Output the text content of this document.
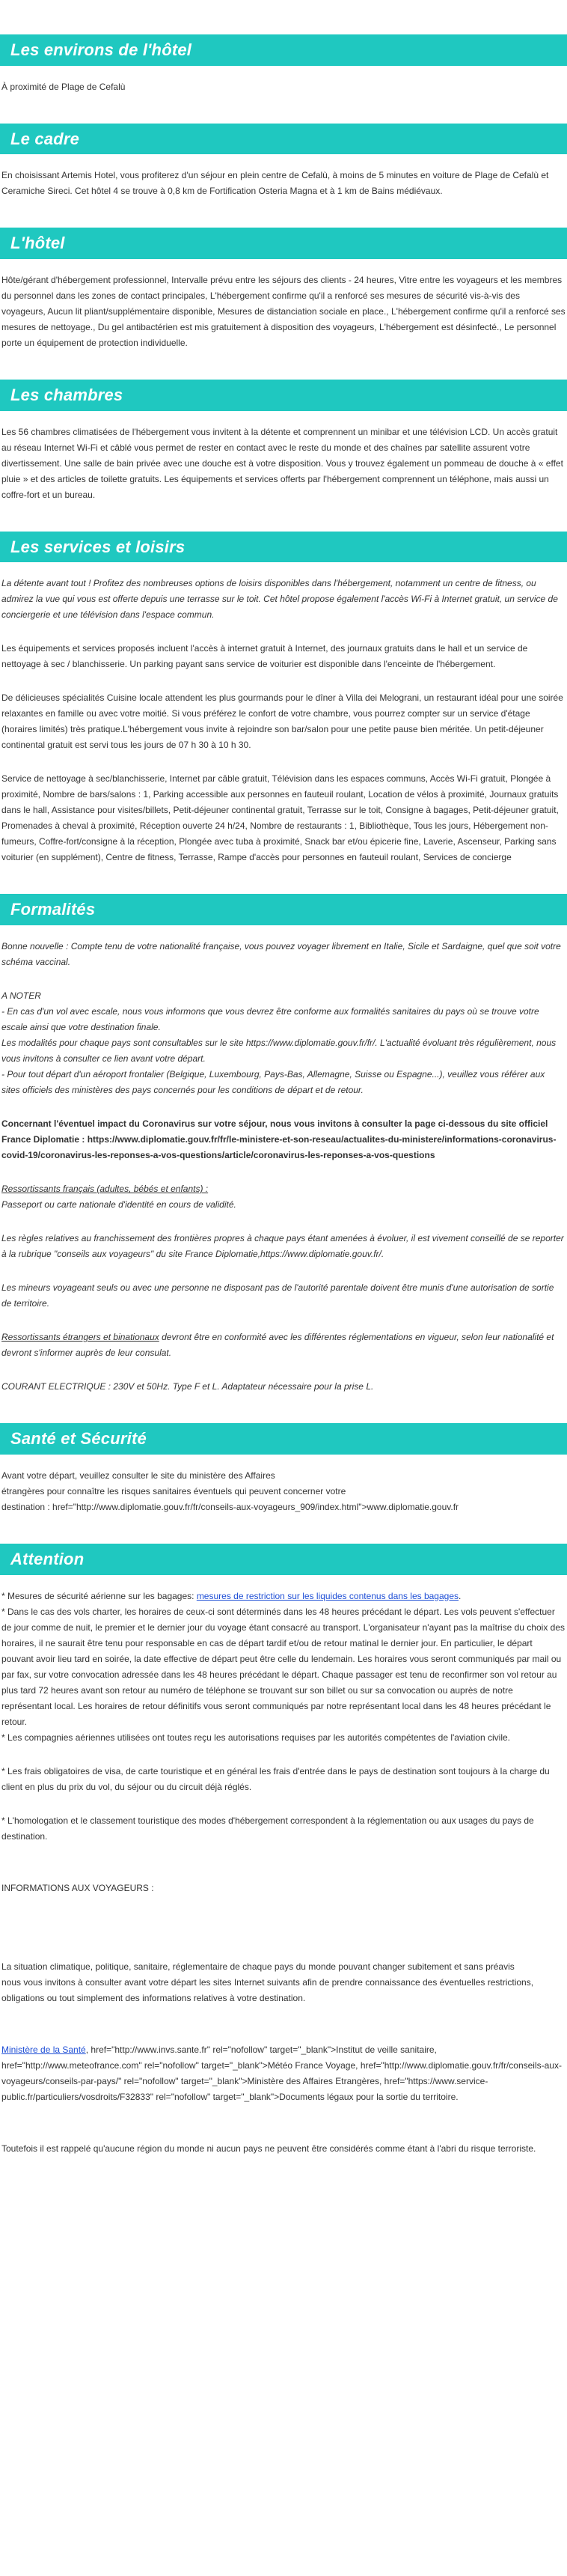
Les environs de l'hôtel

À proximité de Plage de Cefalù

Le cadre

En choisissant Artemis Hotel, vous profiterez d'un séjour en plein centre de Cefalù, à moins de 5 minutes en voiture de Plage de Cefalù et Ceramiche Sireci. Cet hôtel 4 se trouve à 0,8 km de Fortification Osteria Magna et à 1 km de Bains médiévaux.

L'hôtel

Hôte/gérant d'hébergement professionnel, Intervalle prévu entre les séjours des clients - 24 heures, Vitre entre les voyageurs et les membres du personnel dans les zones de contact principales, L'hébergement confirme qu'il a renforcé ses mesures de sécurité vis-à-vis des voyageurs, Aucun lit pliant/supplémentaire disponible, Mesures de distanciation sociale en place., L'hébergement confirme qu'il a renforcé ses mesures de nettoyage., Du gel antibactérien est mis gratuitement à disposition des voyageurs, L'hébergement est désinfecté., Le personnel porte un équipement de protection individuelle.

Les chambres

Les 56 chambres climatisées de l'hébergement vous invitent à la détente et comprennent un minibar et une télévision LCD. Un accès gratuit au réseau Internet Wi-Fi et câblé vous permet de rester en contact avec le reste du monde et des chaînes par satellite assurent votre divertissement. Une salle de bain privée avec une douche est à votre disposition. Vous y trouvez également un pommeau de douche à « effet pluie » et des articles de toilette gratuits. Les équipements et services offerts par l'hébergement comprennent un téléphone, mais aussi un coffre-fort et un bureau.

Les services et loisirs

La détente avant tout ! Profitez des nombreuses options de loisirs disponibles dans l'hébergement, notamment un centre de fitness, ou admirez la vue qui vous est offerte depuis une terrasse sur le toit. Cet hôtel propose également l'accès Wi-Fi à Internet gratuit, un service de conciergerie et une télévision dans l'espace commun.

Les équipements et services proposés incluent l'accès à internet gratuit à Internet, des journaux gratuits dans le hall et un service de nettoyage à sec / blanchisserie. Un parking payant sans service de voiturier est disponible dans l'enceinte de l'hébergement.

De délicieuses spécialités Cuisine locale attendent les plus gourmands pour le dîner à Villa dei Melograni, un restaurant idéal pour une soirée relaxantes en famille ou avec votre moitié. Si vous préférez le confort de votre chambre, vous pourrez compter sur un service d'étage (horaires limités) très pratique.L'hébergement vous invite à rejoindre son bar/salon pour une petite pause bien méritée. Un petit-déjeuner continental gratuit est servi tous les jours de 07 h 30 à 10 h 30.

Service de nettoyage à sec/blanchisserie, Internet par câble gratuit, Télévision dans les espaces communs, Accès Wi-Fi gratuit, Plongée à proximité, Nombre de bars/salons : 1, Parking accessible aux personnes en fauteuil roulant, Location de vélos à proximité, Journaux gratuits dans le hall, Assistance pour visites/billets, Petit-déjeuner continental gratuit, Terrasse sur le toit, Consigne à bagages, Petit-déjeuner gratuit, Promenades à cheval à proximité, Réception ouverte 24 h/24, Nombre de restaurants : 1, Bibliothèque, Tous les jours, Hébergement non-fumeurs, Coffre-fort/consigne à la réception, Plongée avec tuba à proximité, Snack bar et/ou épicerie fine, Laverie, Ascenseur, Parking sans voiturier (en supplément), Centre de fitness, Terrasse, Rampe d'accès pour personnes en fauteuil roulant, Services de concierge

Formalités

Bonne nouvelle : Compte tenu de votre nationalité française, vous pouvez voyager librement en Italie, Sicile et Sardaigne, quel que soit votre schéma vaccinal.

A NOTER

- En cas d'un vol avec escale, nous vous informons que vous devrez être conforme aux formalités sanitaires du pays où se trouve votre escale ainsi que votre destination finale.

Les modalités pour chaque pays sont consultables sur le site https://www.diplomatie.gouv.fr/fr/. L'actualité évoluant très régulièrement, nous vous invitons à consulter ce lien avant votre départ.

- Pour tout départ d'un aéroport frontalier (Belgique, Luxembourg, Pays-Bas, Allemagne, Suisse ou Espagne...), veuillez vous référer aux sites officiels des ministères des pays concernés pour les conditions de départ et de retour.

Concernant l'éventuel impact du Coronavirus sur votre séjour, nous vous invitons à consulter la page ci-dessous du site officiel France Diplomatie : https://www.diplomatie.gouv.fr/fr/le-ministere-et-son-reseau/actualites-du-ministere/informations-coronavirus-covid-19/coronavirus-les-reponses-a-vos-questions/article/coronavirus-les-reponses-a-vos-questions

Ressortissants français (adultes, bébés et enfants) :

Passeport ou carte nationale d'identité en cours de validité.

Les règles relatives au franchissement des frontières propres à chaque pays étant amenées à évoluer, il est vivement conseillé de se reporter à la rubrique "conseils aux voyageurs" du site France Diplomatie,https://www.diplomatie.gouv.fr/.

Les mineurs voyageant seuls ou avec une personne ne disposant pas de l'autorité parentale doivent être munis d'une autorisation de sortie de territoire.

Ressortissants étrangers et binationaux devront être en conformité avec les différentes réglementations en vigueur, selon leur nationalité et devront s'informer auprès de leur consulat.

COURANT ELECTRIQUE : 230V et 50Hz. Type F et L. Adaptateur nécessaire pour la prise L.

Santé et Sécurité

Avant votre départ, veuillez consulter le site du ministère des Affaires
étrangères pour connaître les risques sanitaires éventuels qui peuvent concerner votre
destination : href="http://www.diplomatie.gouv.fr/fr/conseils-aux-voyageurs_909/index.html">www.diplomatie.gouv.fr

Attention

* Mesures de sécurité aérienne sur les bagages: mesures de restriction sur les liquides contenus dans les bagages.

* Dans le cas des vols charter, les horaires de ceux-ci sont déterminés dans les 48 heures précédant le départ. Les vols peuvent s'effectuer de jour comme de nuit, le premier et le dernier jour du voyage étant consacré au transport. L'organisateur n'ayant pas la maîtrise du choix des horaires, il ne saurait être tenu pour responsable en cas de départ tardif et/ou de retour matinal le dernier jour. En particulier, le départ pouvant avoir lieu tard en soirée, la date effective de départ peut être celle du lendemain. Les horaires vous seront communiqués par mail ou par fax, sur votre convocation adressée dans les 48 heures précédant le départ. Chaque passager est tenu de reconfirmer son vol retour au plus tard 72 heures avant son retour au numéro de téléphone se trouvant sur son billet ou sur sa convocation ou auprès de notre représentant local. Les horaires de retour définitifs vous seront communiqués par notre représentant local dans les 48 heures précédant le retour.

* Les compagnies aériennes utilisées ont toutes reçu les autorisations requises par les autorités compétentes de l'aviation civile.

* Les frais obligatoires de visa, de carte touristique et en général les frais d'entrée dans le pays de destination sont toujours à la charge du client en plus du prix du vol, du séjour ou du circuit déjà réglés.

* L'homologation et le classement touristique des modes d'hébergement correspondent à la réglementation ou aux usages du pays de destination.

INFORMATIONS AUX VOYAGEURS :

La situation climatique, politique, sanitaire, réglementaire de chaque pays du monde pouvant changer subitement et sans préavis

nous vous invitons à consulter avant votre départ les sites Internet suivants afin de prendre connaissance des éventuelles restrictions, obligations ou tout simplement des informations relatives à votre destination.

Ministère de la Santé, href="http://www.invs.sante.fr" rel="nofollow" target="_blank">Institut de veille sanitaire, href="http://www.meteofrance.com" rel="nofollow" target="_blank">Météo France Voyage, href="http://www.diplomatie.gouv.fr/fr/conseils-aux-voyageurs/conseils-par-pays/" rel="nofollow" target="_blank">Ministère des Affaires Etrangères, href="https://www.service-public.fr/particuliers/vosdroits/F32833" rel="nofollow" target="_blank">Documents légaux pour la sortie du territoire.

Toutefois il est rappelé qu'aucune région du monde ni aucun pays ne peuvent être considérés comme étant à l'abri du risque terroriste.
